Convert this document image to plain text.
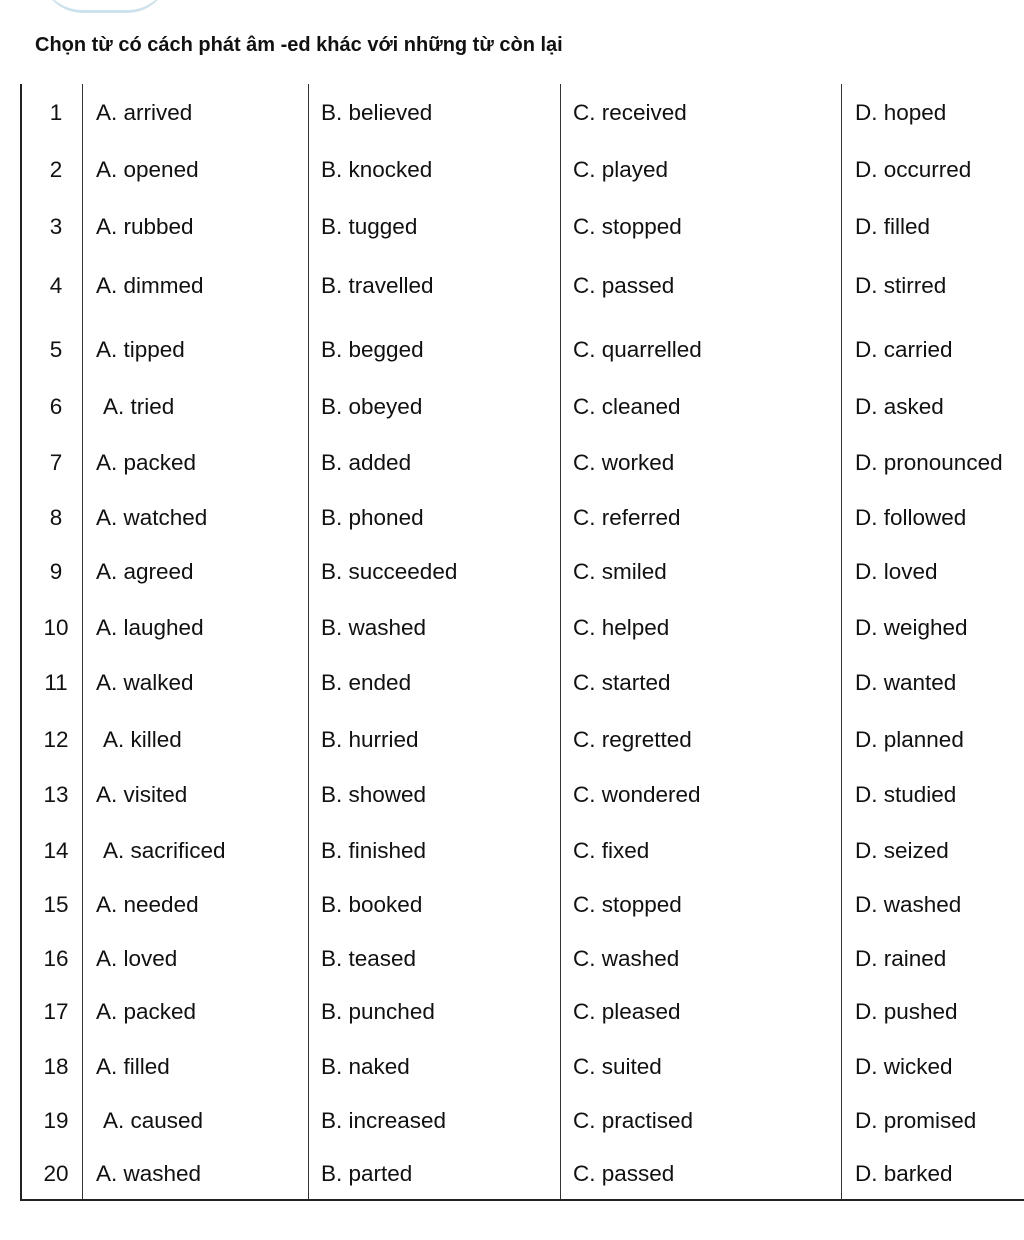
Chọn từ có cách phát âm -ed khác với những từ còn lại
1	A. arrived	B. believed	C. received	D. hoped
2	A. opened	B. knocked	C. played	D. occurred
3	A. rubbed	B. tugged	C. stopped	D. filled
4	A. dimmed	B. travelled	C. passed	D. stirred
5	A. tipped	B. begged	C. quarrelled	D. carried
6	A. tried	B. obeyed	C. cleaned	D. asked
7	A. packed	B. added	C. worked	D. pronounced
8	A. watched	B. phoned	C. referred	D. followed
9	A. agreed	B. succeeded	C. smiled	D. loved
10	A. laughed	B. washed	C. helped	D. weighed
11	A. walked	B. ended	C. started	D. wanted
12	A. killed	B. hurried	C. regretted	D. planned
13	A. visited	B. showed	C. wondered	D. studied
14	A. sacrificed	B. finished	C. fixed	D. seized
15	A. needed	B. booked	C. stopped	D. washed
16	A. loved	B. teased	C. washed	D. rained
17	A. packed	B. punched	C. pleased	D. pushed
18	A. filled	B. naked	C. suited	D. wicked
19	A. caused	B. increased	C. practised	D. promised
20	A. washed	B. parted	C. passed	D. barked
